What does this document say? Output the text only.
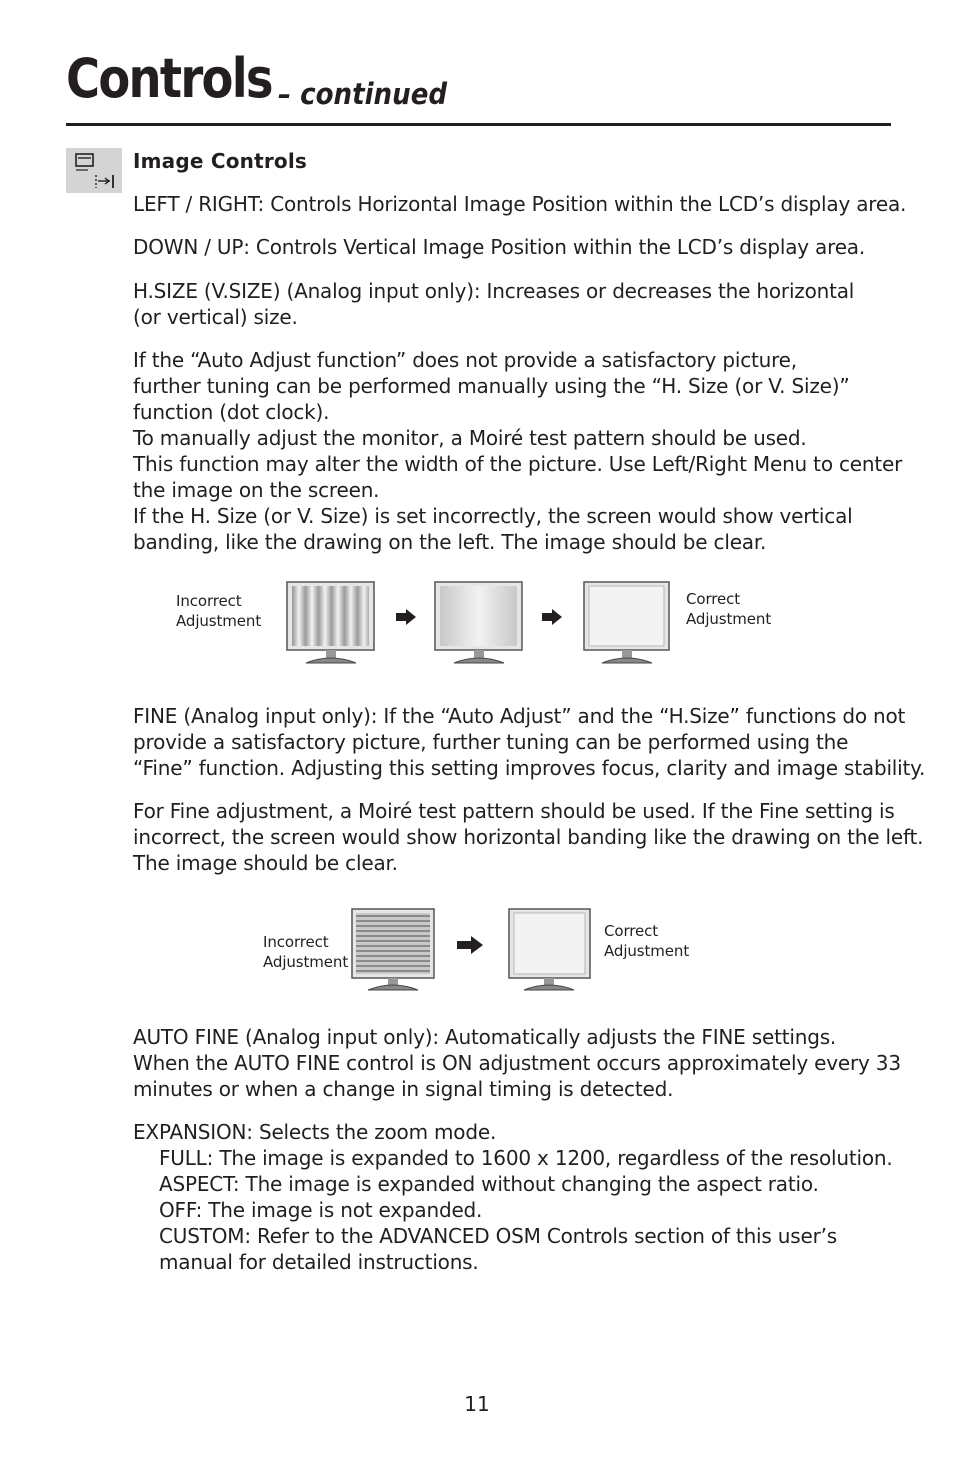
Controls – continued
Image Controls
LEFT / RIGHT: Controls Horizontal Image Position within the LCD’s display area.
DOWN / UP: Controls Vertical Image Position within the LCD’s display area.
H.SIZE (V.SIZE) (Analog input only): Increases or decreases the horizontal
(or vertical) size.
If the “Auto Adjust function” does not provide a satisfactory picture,
further tuning can be performed manually using the “H. Size (or V. Size)”
function (dot clock).
To manually adjust the monitor, a Moiré test pattern should be used.
This function may alter the width of the picture. Use Left/Right Menu to center
the image on the screen.
If the H. Size (or V. Size) is set incorrectly, the screen would show vertical
banding, like the drawing on the left. The image should be clear.
Incorrect
Adjustment
Correct
Adjustment
FINE (Analog input only): If the “Auto Adjust” and the “H.Size” functions do not
provide a satisfactory picture, further tuning can be performed using the
“Fine” function. Adjusting this setting improves focus, clarity and image stability.
For Fine adjustment, a Moiré test pattern should be used. If the Fine setting is
incorrect, the screen would show horizontal banding like the drawing on the left.
The image should be clear.
Incorrect
Adjustment
Correct
Adjustment
AUTO FINE (Analog input only): Automatically adjusts the FINE settings.
When the AUTO FINE control is ON adjustment occurs approximately every 33
minutes or when a change in signal timing is detected.
EXPANSION: Selects the zoom mode.
FULL: The image is expanded to 1600 x 1200, regardless of the resolution.
ASPECT: The image is expanded without changing the aspect ratio.
OFF: The image is not expanded.
CUSTOM: Refer to the ADVANCED OSM Controls section of this user’s
manual for detailed instructions.
11
